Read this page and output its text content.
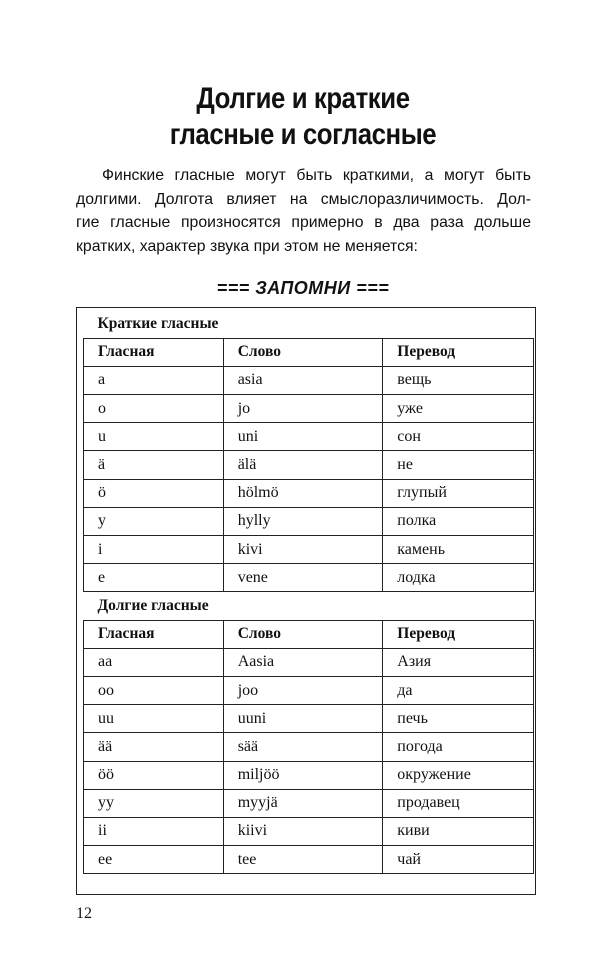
Долгие и краткие
гласные и согласные
Финские гласные могут быть краткими, а могут быть
долгими. Долгота влияет на смыслоразличимость. Дол-
гие гласные произносятся примерно в два раза дольше
кратких, характер звука при этом не меняется:
=== ЗАПОМНИ ===
Краткие гласные		
Гласная	Слово	Перевод
a	asia	вещь
o	jo	уже
u	uni	сон
ä	älä	не
ö	hölmö	глупый
y	hylly	полка
i	kivi	камень
e	vene	лодка
Долгие гласные		
Гласная	Слово	Перевод
aa	Aasia	Азия
oo	joo	да
uu	uuni	печь
ää	sää	погода
öö	miljöö	окружение
yy	myyjä	продавец
ii	kiivi	киви
ee	tee	чай
12
